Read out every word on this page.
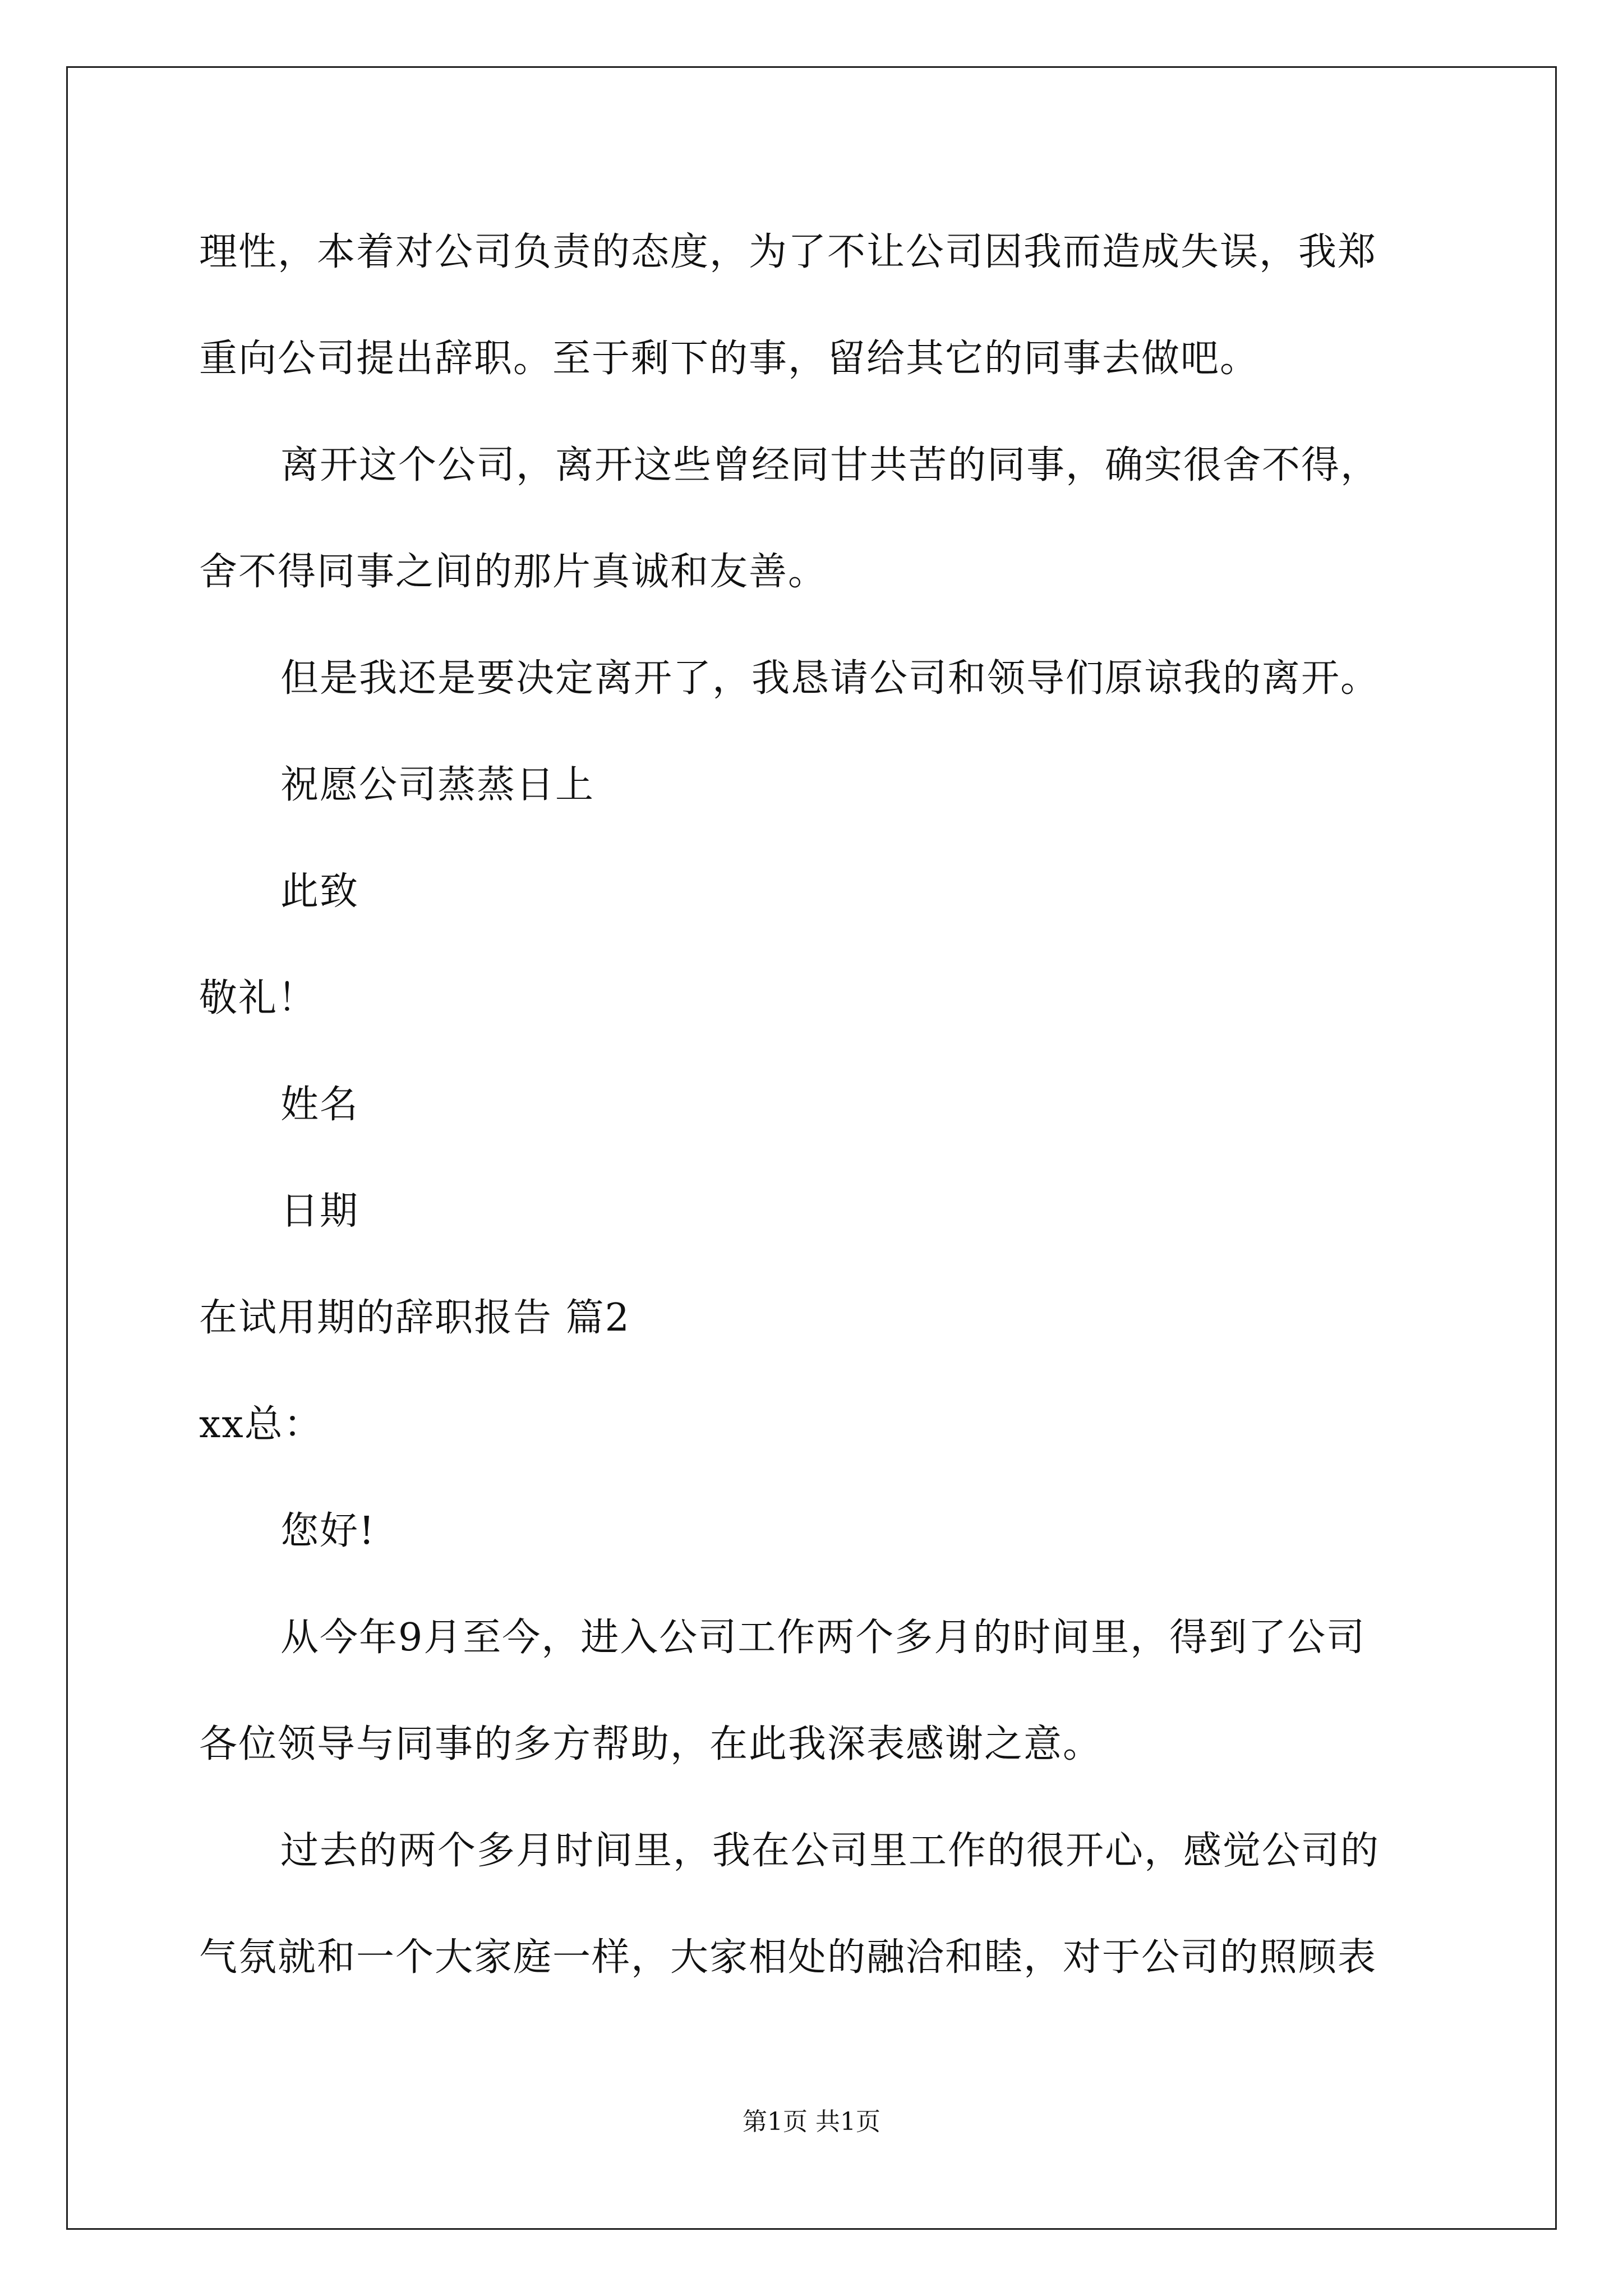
理性，本着对公司负责的态度，为了不让公司因我而造成失误，我郑
重向公司提出辞职。至于剩下的事，留给其它的同事去做吧。
离开这个公司，离开这些曾经同甘共苦的同事，确实很舍不得，
舍不得同事之间的那片真诚和友善。
但是我还是要决定离开了，我恳请公司和领导们原谅我的离开。
祝愿公司蒸蒸日上
此致
敬礼！
姓名
日期
在试用期的辞职报告 篇2
xx总：
您好!
从今年9月至今，进入公司工作两个多月的时间里，得到了公司
各位领导与同事的多方帮助，在此我深表感谢之意。
过去的两个多月时间里，我在公司里工作的很开心，感觉公司的
气氛就和一个大家庭一样，大家相处的融洽和睦，对于公司的照顾表
第1页 共1页
